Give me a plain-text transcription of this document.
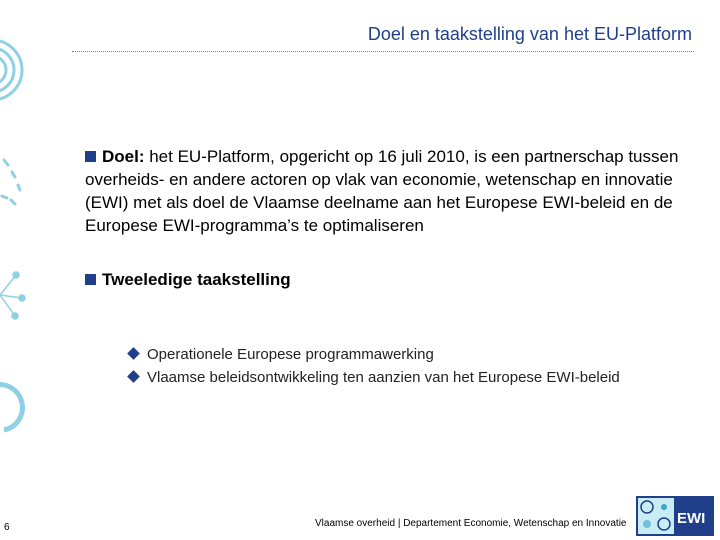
Doel en taakstelling van het EU-Platform

Doel: het EU-Platform, opgericht op 16 juli 2010, is een partnerschap tussen overheids- en andere actoren op vlak van economie, wetenschap en innovatie (EWI) met als doel de Vlaamse deelname aan het Europese EWI-beleid en de Europese EWI-programma’s te optimaliseren

Tweeledige taakstelling

Operationele Europese programmawerking
Vlaamse beleidsontwikkeling ten aanzien van het Europese EWI-beleid
6	Vlaamse overheid | Departement Economie, Wetenschap en Innovatie	EWI
